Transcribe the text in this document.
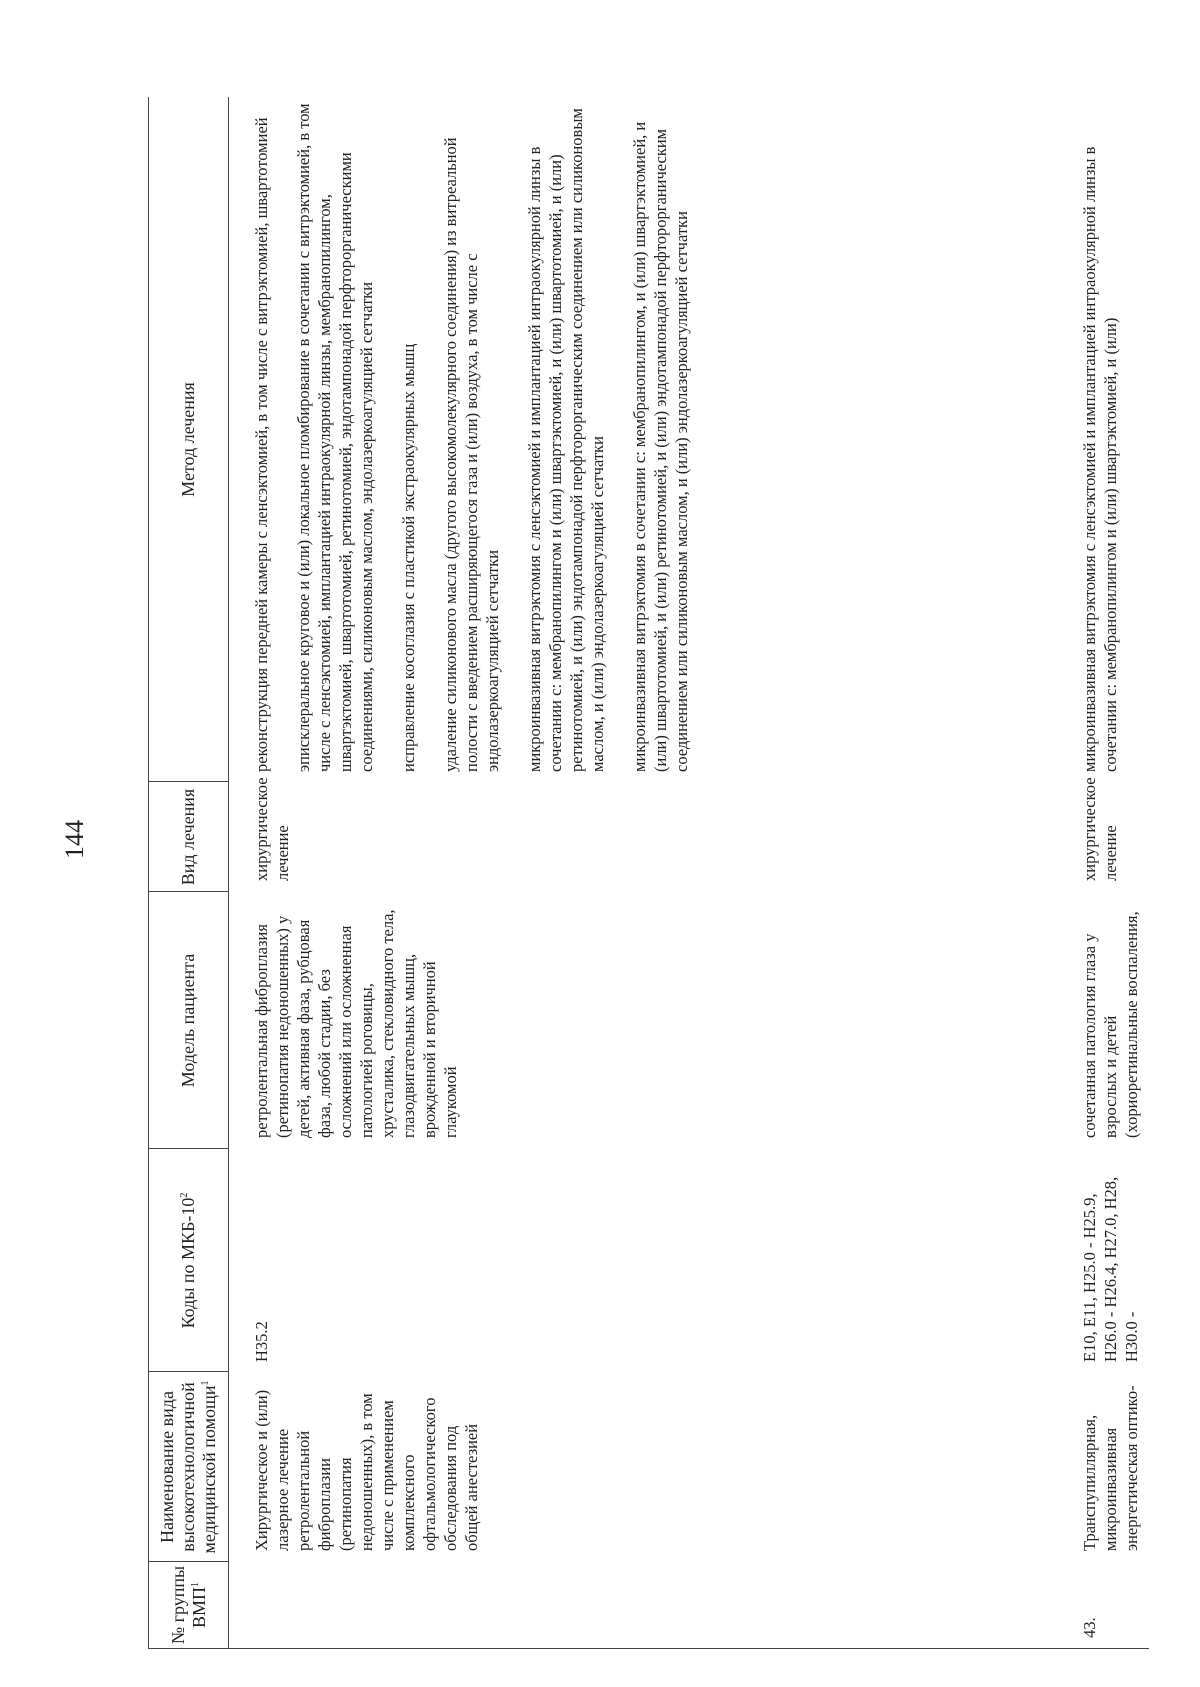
144
№ группы ВМП$^1$
Наименование вида высокотехнологичной медицинской помощи$^1$
Коды по МКБ-$10^2$
Модель пациента
Вид лечения
Метод лечения
Хирургическое и (или) лазерное лечение ретролентальной фиброплазии (ретинопатия недоношенных), в том числе с применением комплексного офтальмологического обследования под общей анестезией
H35.2
ретролентальная фиброплазия (ретинопатия недоношенных) у детей, активная фаза, рубцовая фаза, любой стадии, без осложнений или осложненная патологией роговицы, хрусталика, стекловидного тела, глазодвигательных мышц, врожденной и вторичной глаукомой
хирургическое лечение
реконструкция передней камеры с ленсэктомией, в том числе с витрэктомией, швартотомией эписклеральное круговое и (или) локальное пломбирование в сочетании с витрэктомией, в том числе с ленсэктомией, имплантацией интраокулярной линзы, мембранопилингом, швартэктомией, швартотомией, ретинотомией, эндотампонадой перфторорганическими соединениями, силиконовым маслом, эндолазеркоагуляцией сетчатки исправление косоглазия с пластикой экстраокулярных мышц удаление силиконового масла (другого высокомолекулярного соединения) из витреальной полости с введением расширяющегося газа и (или) воздуха, в том числе с эндолазеркоагуляцией сетчатки микроинвазивная витрэктомия с ленсэктомией и имплантацией интраокулярной линзы в сочетании с: мембранопилингом и (или) швартэктомией, и (или) швартотомией, и (или) ретинотомией, и (или) эндотампонадой перфторорганическим соединением или силиконовым маслом, и (или) эндолазеркоагуляцией сетчатки микроинвазивная витрэктомия в сочетании с: мембранопилингом, и (или) швартэктомией, и (или) швартотомией, и (или) ретинотомией, и (или) эндотампонадой перфторорганическим соединением или силиконовым маслом, и (или) эндолазеркоагуляцией сетчатки
43.
Транспупиллярная, микроинвазивная энергетическая оптико-
E10, E11, H25.0 - H25.9, H26.0 - H26.4, H27.0, H28, H30.0 -
сочетанная патология глаза у взрослых и детей (хориоретинальные воспаления,
хирургическое лечение
микроинвазивная витрэктомия с ленсэктомией и имплантацией интраокулярной линзы в сочетании с: мембранопилингом и (или) швартэктомией, и (или)
